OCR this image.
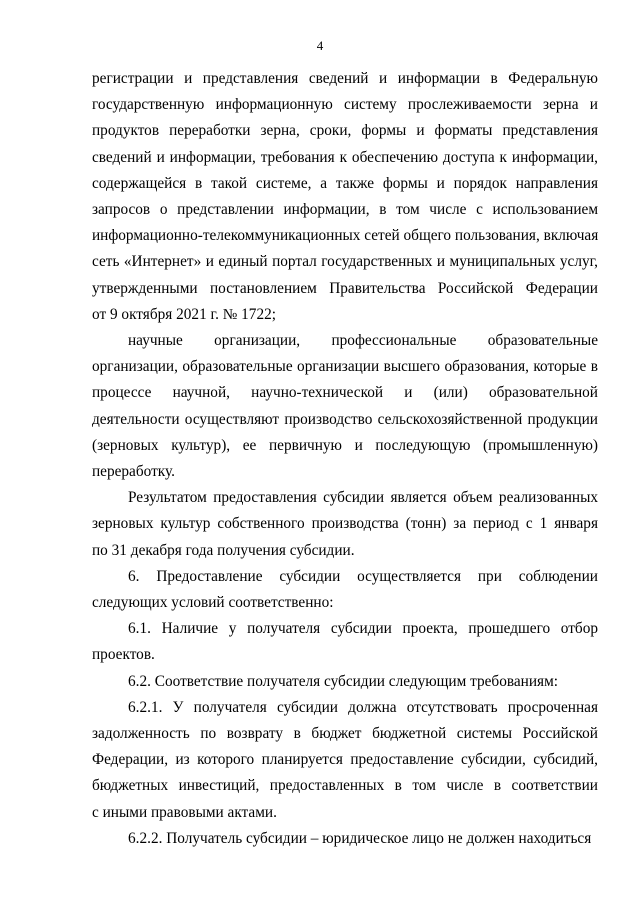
4

регистрации и представления сведений и информации в Федеральную
государственную информационную систему прослеживаемости зерна и
продуктов переработки зерна, сроки, формы и форматы представления
сведений и информации, требования к обеспечению доступа к информации,
содержащейся в такой системе, а также формы и порядок направления
запросов о представлении информации, в том числе с использованием
информационно-телекоммуникационных сетей общего пользования, включая
сеть «Интернет» и единый портал государственных и муниципальных услуг,
утвержденными постановлением Правительства Российской Федерации
от 9 октября 2021 г. № 1722;

научные организации, профессиональные образовательные
организации, образовательные организации высшего образования, которые в
процессе научной, научно-технической и (или) образовательной
деятельности осуществляют производство сельскохозяйственной продукции
(зерновых культур), ее первичную и последующую (промышленную)
переработку.

Результатом предоставления субсидии является объем реализованных
зерновых культур собственного производства (тонн) за период с 1 января
по 31 декабря года получения субсидии.

6. Предоставление субсидии осуществляется при соблюдении
следующих условий соответственно:

6.1. Наличие у получателя субсидии проекта, прошедшего отбор
проектов.

6.2. Соответствие получателя субсидии следующим требованиям:

6.2.1. У получателя субсидии должна отсутствовать просроченная
задолженность по возврату в бюджет бюджетной системы Российской
Федерации, из которого планируется предоставление субсидии, субсидий,
бюджетных инвестиций, предоставленных в том числе в соответствии
с иными правовыми актами.

6.2.2. Получатель субсидии – юридическое лицо не должен находиться
